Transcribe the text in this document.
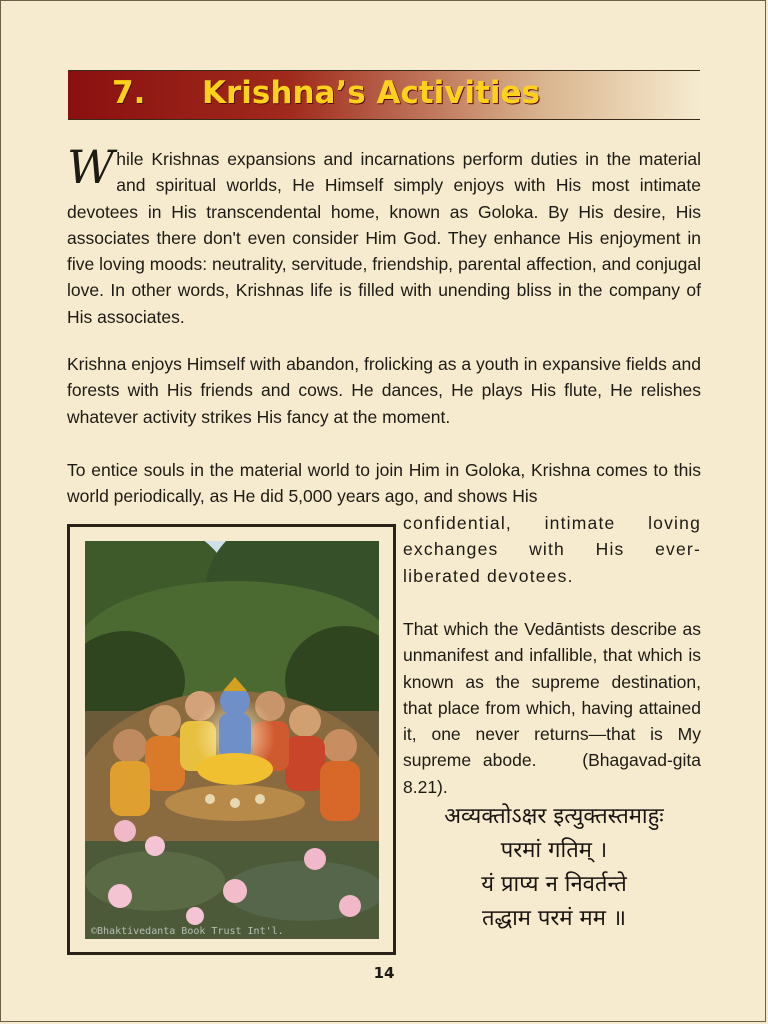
7. Krishna’s Activities

While Krishnas expansions and incarnations perform duties in the material and spiritual worlds, He Himself simply enjoys with His most intimate devotees in His transcendental home, known as Goloka. By His desire, His associates there don't even consider Him God. They enhance His enjoyment in five loving moods: neutrality, servitude, friendship, parental affection, and conjugal love. In other words, Krishnas life is filled with unending bliss in the company of His associates.

Krishna enjoys Himself with abandon, frolicking as a youth in expansive fields and forests with His friends and cows. He dances, He plays His flute, He relishes whatever activity strikes His fancy at the moment.

To entice souls in the material world to join Him in Goloka, Krishna comes to this world periodically, as He did 5,000 years ago, and shows His

©Bhaktivedanta Book Trust Int'l.

confidential, intimate loving exchanges with His ever-liberated devotees.

That which the Vedāntists describe as unmanifest and infallible, that which is known as the supreme destination, that place from which, having attained it, one never returns—that is My supreme abode.	(Bhagavad-gita 8.21).

अव्यक्तोऽक्षर इत्युक्तस्तमाहुः
परमां गतिम् ।
यं प्राप्य न निवर्तन्ते
तद्धाम परमं मम ॥
14
